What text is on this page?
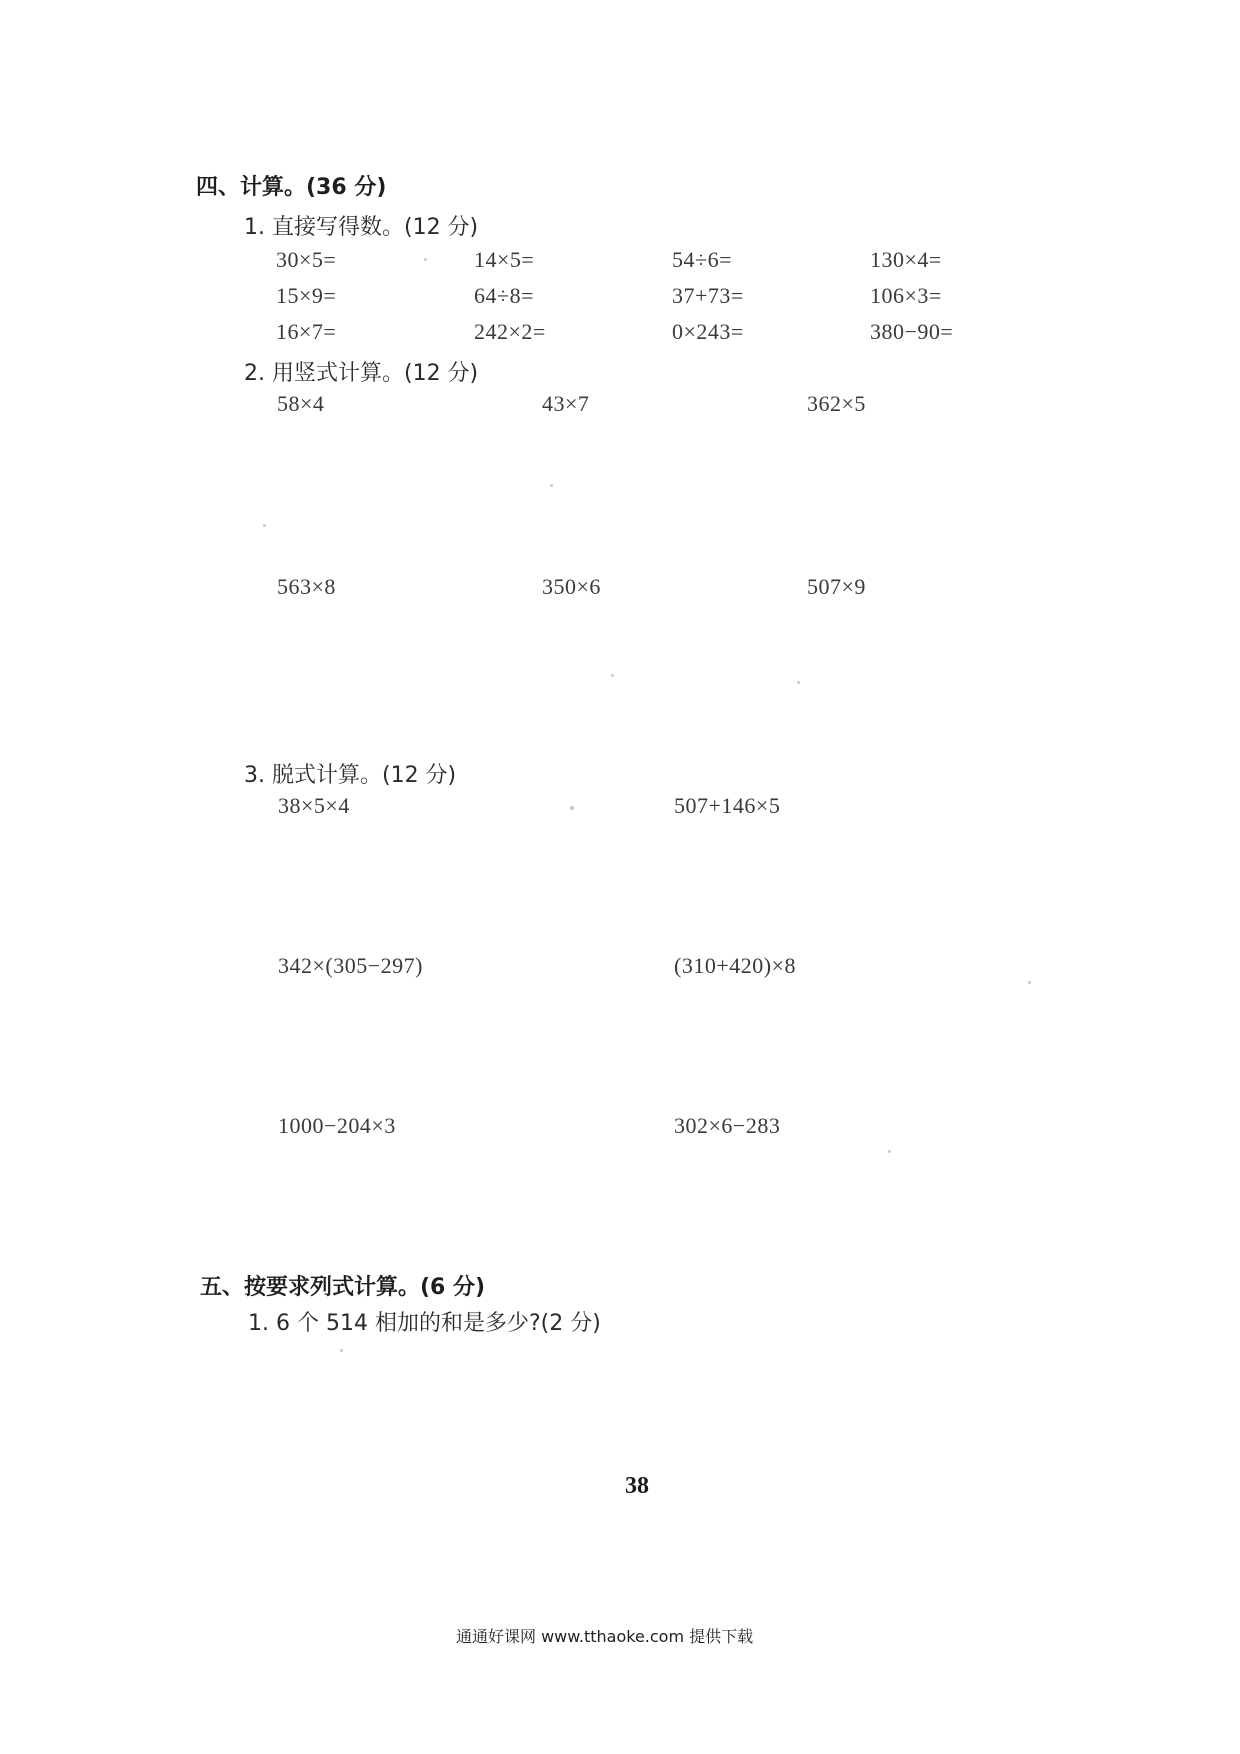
四、计算。(36 分)
1. 直接写得数。(12 分)
30×5=	14×5=	54÷6=	130×4=
15×9=	64÷8=	37+73=	106×3=
16×7=	242×2=	0×243=	380−90=
2. 用竖式计算。(12 分)
58×4	43×7	362×5
563×8	350×6	507×9
3. 脱式计算。(12 分)
38×5×4	507+146×5
342×(305−297)	(310+420)×8
1000−204×3	302×6−283
五、按要求列式计算。(6 分)
1. 6 个 514 相加的和是多少?(2 分)
38
通通好课网 www.tthaoke.com 提供下载
